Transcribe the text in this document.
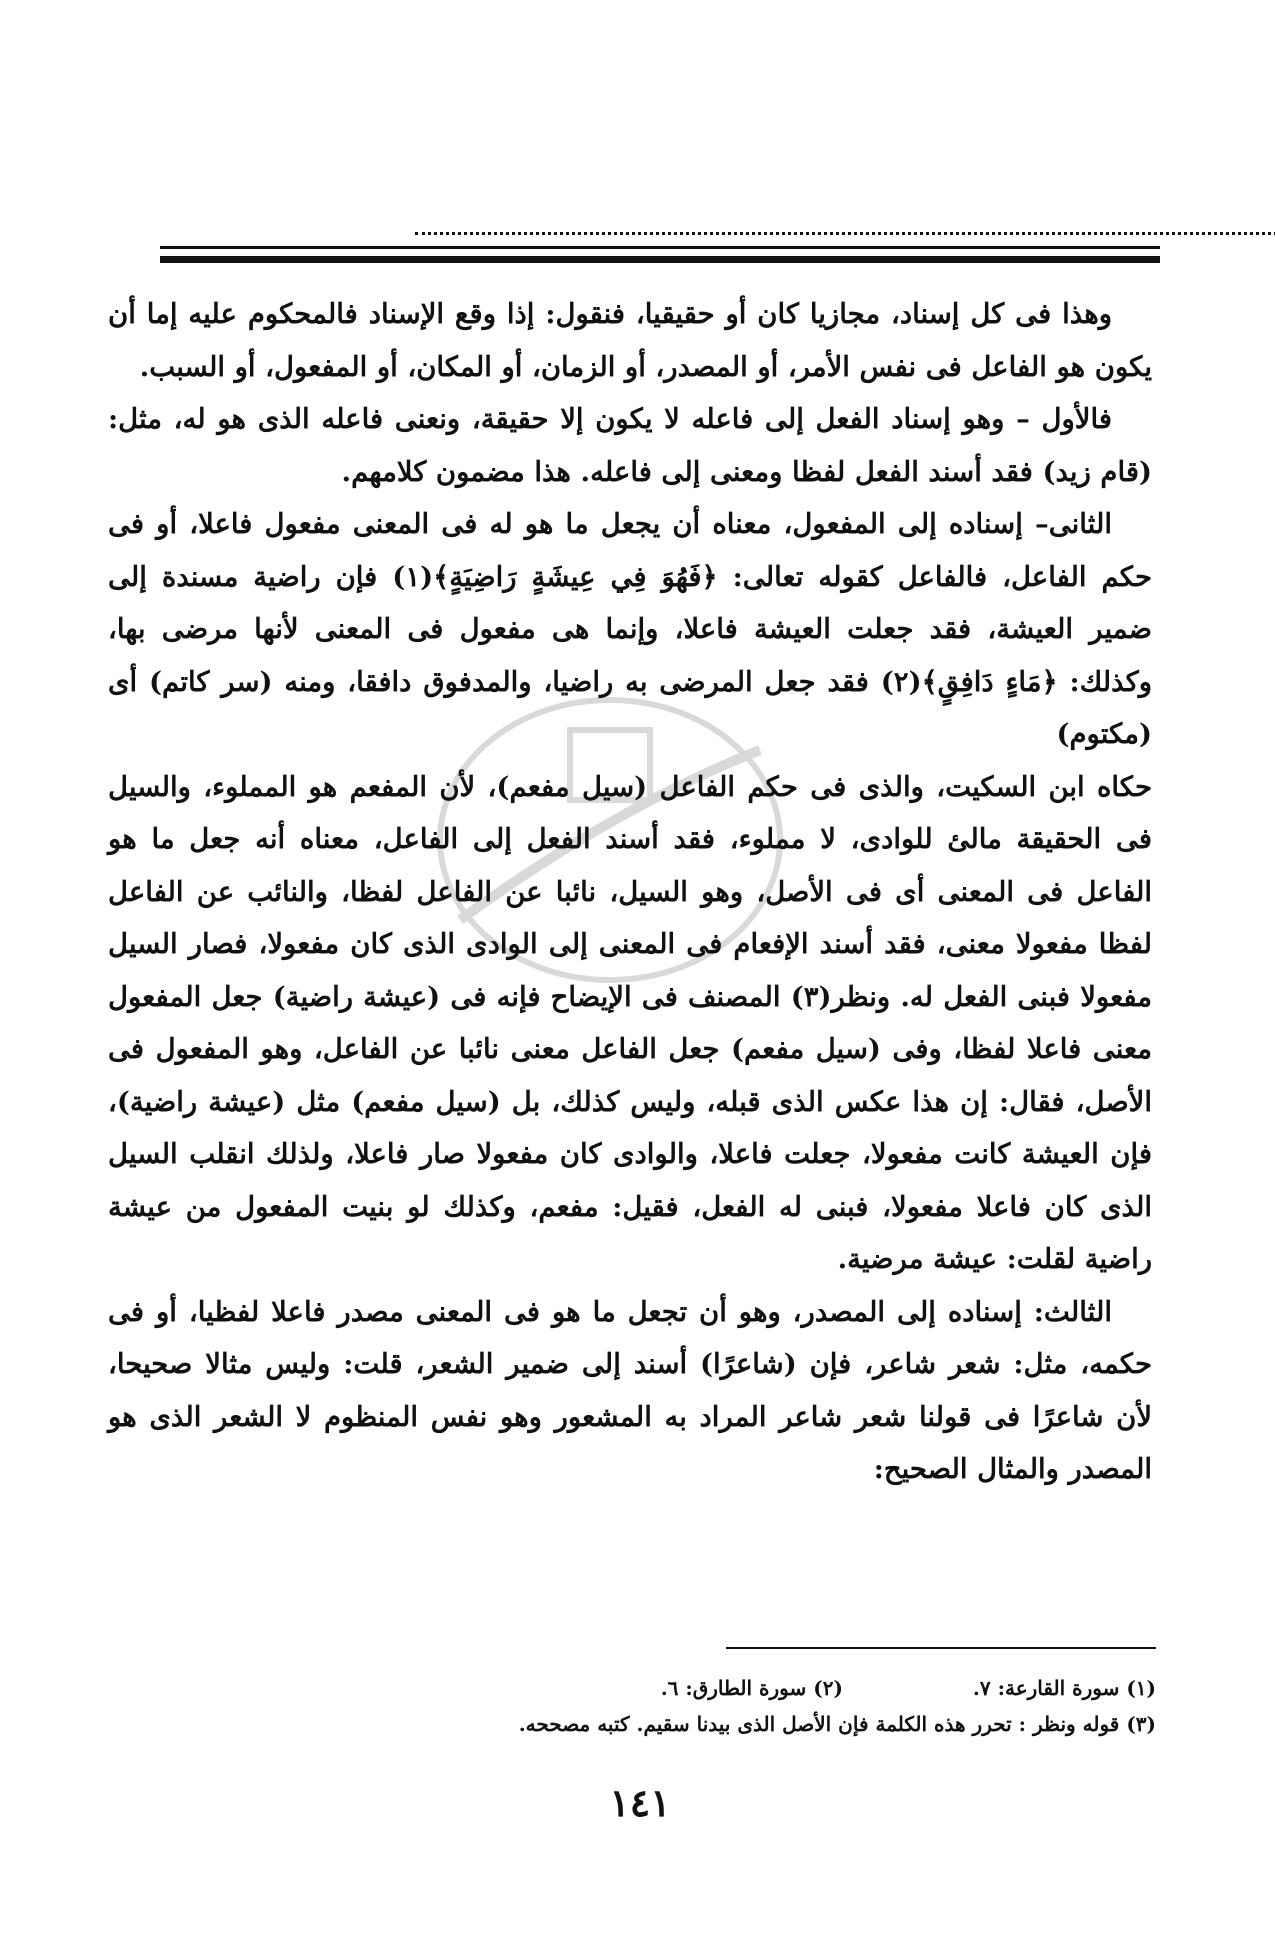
وهذا فى كل إسناد، مجازيا كان أو حقيقيا، فنقول: إذا وقع الإسناد فالمحكوم عليه إما أن يكون هو الفاعل فى نفس الأمر، أو المصدر، أو الزمان، أو المكان، أو المفعول، أو السبب.

فالأول – وهو إسناد الفعل إلى فاعله لا يكون إلا حقيقة، ونعنى فاعله الذى هو له، مثل: (قام زيد) فقد أسند الفعل لفظا ومعنى إلى فاعله. هذا مضمون كلامهم.

الثانى– إسناده إلى المفعول، معناه أن يجعل ما هو له فى المعنى مفعول فاعلا، أو فى حكم الفاعل، فالفاعل كقوله تعالى: ﴿فَهُوَ فِي عِيشَةٍ رَاضِيَةٍ﴾(١) فإن راضية مسندة إلى ضمير العيشة، فقد جعلت العيشة فاعلا، وإنما هى مفعول فى المعنى لأنها مرضى بها، وكذلك: ﴿مَاءٍ دَافِقٍ﴾(٢) فقد جعل المرضى به راضيا، والمدفوق دافقا، ومنه (سر كاتم) أى (مكتوم)

حكاه ابن السكيت، والذى فى حكم الفاعل (سيل مفعم)، لأن المفعم هو المملوء، والسيل فى الحقيقة مالئ للوادى، لا مملوء، فقد أسند الفعل إلى الفاعل، معناه أنه جعل ما هو الفاعل فى المعنى أى فى الأصل، وهو السيل، نائبا عن الفاعل لفظا، والنائب عن الفاعل لفظا مفعولا معنى، فقد أسند الإفعام فى المعنى إلى الوادى الذى كان مفعولا، فصار السيل مفعولا فبنى الفعل له. ونظر(٣) المصنف فى الإيضاح فإنه فى (عيشة راضية) جعل المفعول معنى فاعلا لفظا، وفى (سيل مفعم) جعل الفاعل معنى نائبا عن الفاعل، وهو المفعول فى الأصل، فقال: إن هذا عكس الذى قبله، وليس كذلك، بل (سيل مفعم) مثل (عيشة راضية)، فإن العيشة كانت مفعولا، جعلت فاعلا، والوادى كان مفعولا صار فاعلا، ولذلك انقلب السيل الذى كان فاعلا مفعولا، فبنى له الفعل، فقيل: مفعم، وكذلك لو بنيت المفعول من عيشة راضية لقلت: عيشة مرضية.

الثالث: إسناده إلى المصدر، وهو أن تجعل ما هو فى المعنى مصدر فاعلا لفظيا، أو فى حكمه، مثل: شعر شاعر، فإن (شاعرًا) أسند إلى ضمير الشعر، قلت: وليس مثالا صحيحا، لأن شاعرًا فى قولنا شعر شاعر المراد به المشعور وهو نفس المنظوم لا الشعر الذى هو المصدر والمثال الصحيح:

(١) سورة القارعة: ٧.
(٢) سورة الطارق: ٦.
(٣) قوله ونظر : تحرر هذه الكلمة فإن الأصل الذى بيدنا سقيم. كتبه مصححه.
١٤١
